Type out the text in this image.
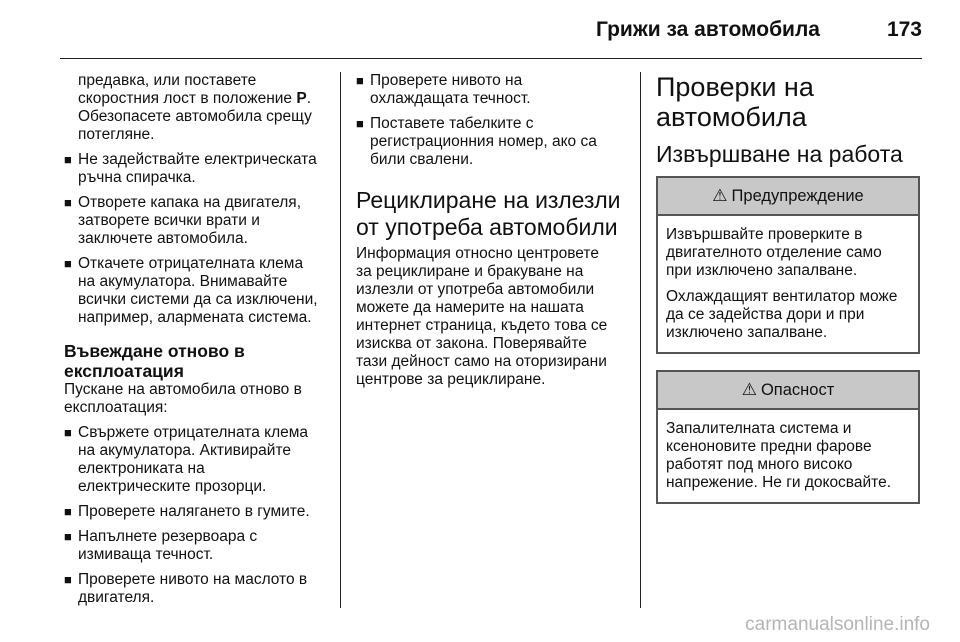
Грижи за автомобила	173

предавка, или поставете
скоростния лост в положение P.
Обезопасете автомобила срещу
потегляне.

■ Не задействайте електрическата
ръчна спирачка.
■ Отворете капака на двигателя,
затворете всички врати и
заключете автомобила.
■ Откачете отрицателната клема
на акумулатора. Внимавайте
всички системи да са изключени,
например, алармената система.
Въвеждане отново в
експлоатация

Пускане на автомобила отново в
експлоатация:

■ Свържете отрицателната клема
на акумулатора. Активирайте
електрониката на
електрическите прозорци.
■ Проверете налягането в гумите.
■ Напълнете резервоара с
измиваща течност.
■ Проверете нивото на маслото в
двигателя.
■ Проверете нивото на
охлаждащата течност.
■ Поставете табелките с
регистрационния номер, ако са
били свалени.
Рециклиране на излезли
от употреба автомобили

Информация относно центровете
за рециклиране и бракуване на
излезли от употреба автомобили
можете да намерите на нашата
интернет страница, където това се
изисква от закона. Поверявайте
тази дейност само на оторизирани
центрове за рециклиране.

Проверки на
автомобила
Извършване на работа
⚠ Предупреждение

Извършвайте проверките в
двигателното отделение само
при изключено запалване.

Охлаждащият вентилатор може
да се задейства дори и при
изключено запалване.

⚠ Опасност

Запалителната система и
ксеноновите предни фарове
работят под много високо
напрежение. Не ги докосвайте.

carmanualsonline.info
